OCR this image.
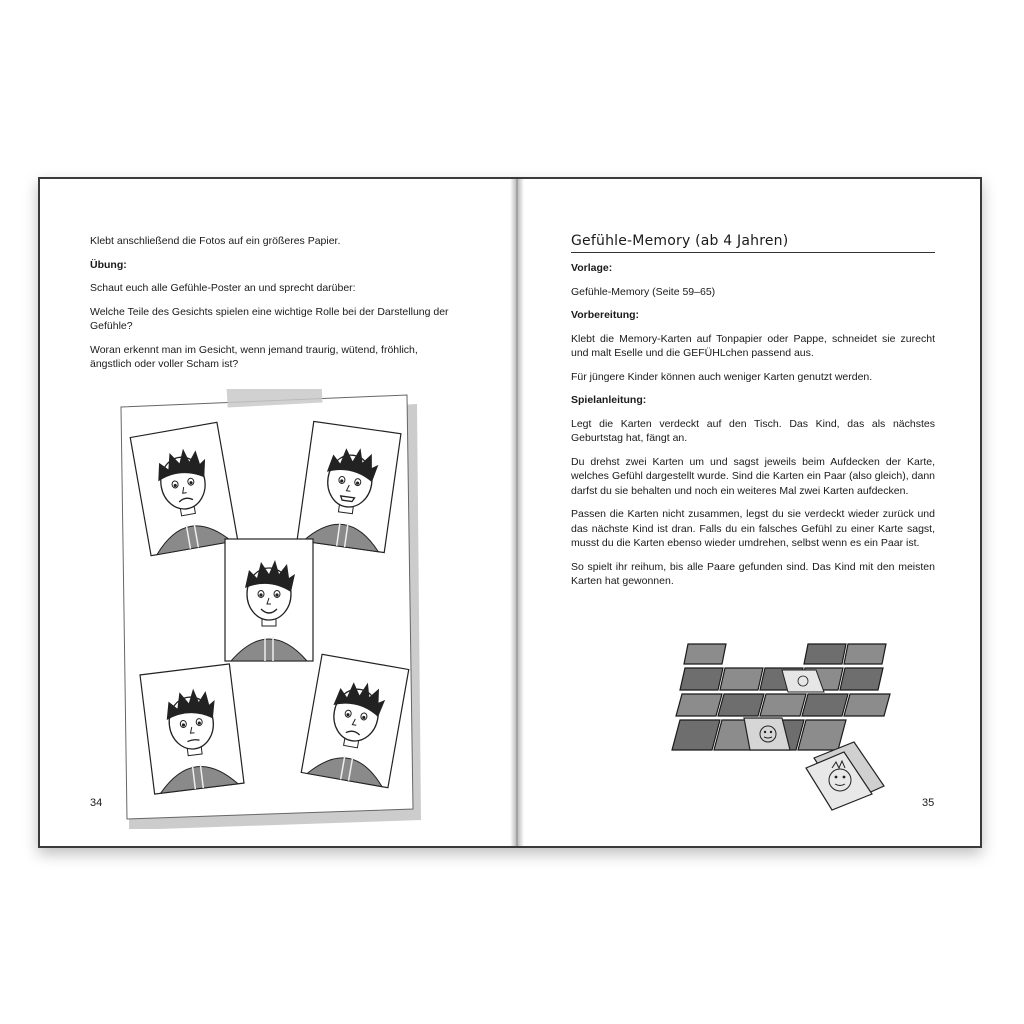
Klebt anschließend die Fotos auf ein größeres Papier.

Übung:

Schaut euch alle Gefühle-Poster an und sprecht darüber:

Welche Teile des Gesichts spielen eine wichtige Rolle bei der Darstellung der Gefühle?

Woran erkennt man im Gesicht, wenn jemand traurig, wütend, fröhlich, ängstlich oder voller Scham ist?

34
Gefühle-Memory (ab 4 Jahren)

Vorlage:

Gefühle-Memory (Seite 59–65)

Vorbereitung:

Klebt die Memory-Karten auf Tonpapier oder Pappe, schneidet sie zurecht und malt Eselle und die GEFÜHLchen passend aus.

Für jüngere Kinder können auch weniger Karten genutzt werden.

Spielanleitung:

Legt die Karten verdeckt auf den Tisch. Das Kind, das als nächstes Geburtstag hat, fängt an.

Du drehst zwei Karten um und sagst jeweils beim Aufdecken der Karte, welches Gefühl dargestellt wurde. Sind die Karten ein Paar (also gleich), dann darfst du sie behalten und noch ein weiteres Mal zwei Karten aufdecken.

Passen die Karten nicht zusammen, legst du sie verdeckt wieder zurück und das nächste Kind ist dran. Falls du ein falsches Gefühl zu einer Karte sagst, musst du die Karten ebenso wieder umdrehen, selbst wenn es ein Paar ist.

So spielt ihr reihum, bis alle Paare gefunden sind. Das Kind mit den meisten Karten hat gewonnen.

35
